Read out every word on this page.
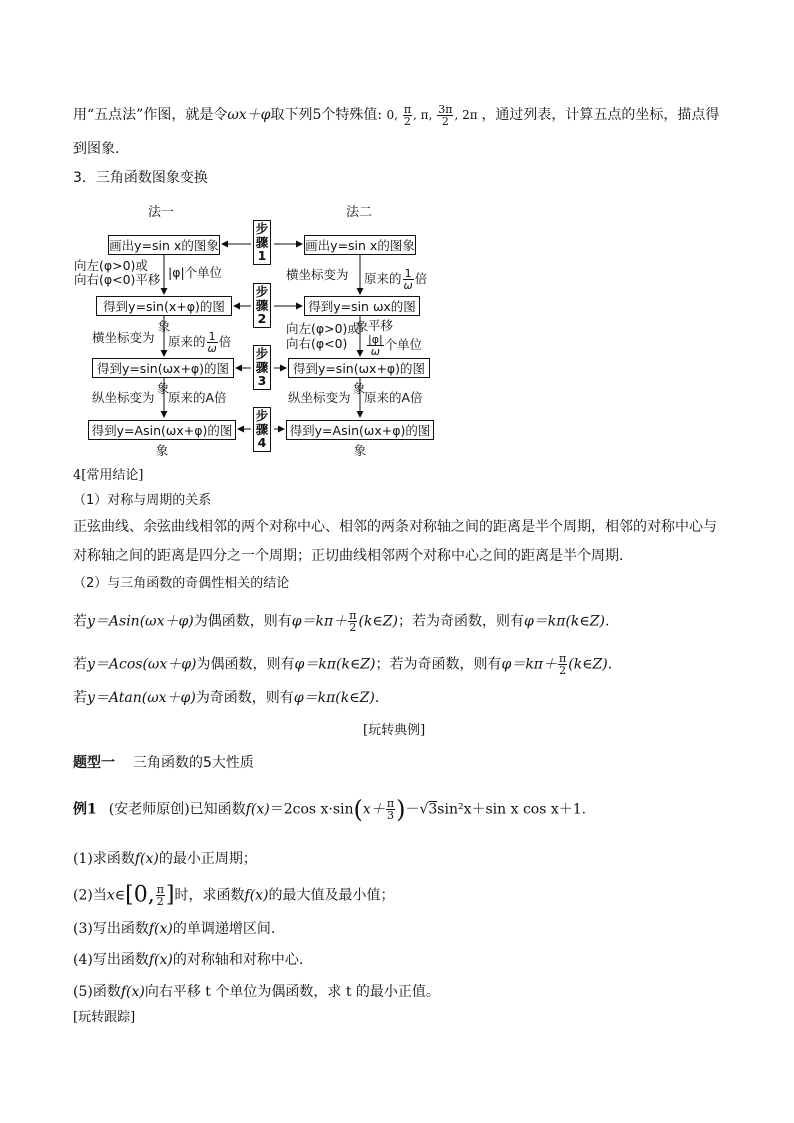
用“五点法”作图，就是令ωx＋φ取下列5个特殊值: 0, $\frac{\pi}{2}$ , π, $\frac{3\pi}{2}$ , 2π ，通过列表，计算五点的坐标，描点得
到图象.
3．三角函数图象变换
法一	法二
画出y=sin x的图象
得到y=sin(x+φ)的图象
得到y=sin(ωx+φ)的图象
得到y=Asin(ωx+φ)的图象
画出y=sin x的图象
得到y=sin ωx的图象
得到y=sin(ωx+φ)的图象
得到y=Asin(ωx+φ)的图象
步
骤
1
步
骤
2
步
骤
3
步
骤
4
向左(φ>0)或
向右(φ<0)平移 |φ|个单位
横坐标变为 原来的 $\frac{1}{\omega}$ 倍
纵坐标变为 原来的A倍
横坐标变为 原来的 $\frac{1}{\omega}$ 倍
向左(φ>0)或
向右(φ<0)
平移
$\frac{|\varphi|}{\omega}$ 个单位
纵坐标变为 原来的A倍
4[常用结论]
（1）对称与周期的关系
正弦曲线、余弦曲线相邻的两个对称中心、相邻的两条对称轴之间的距离是半个周期，相邻的对称中心与
对称轴之间的距离是四分之一个周期；正切曲线相邻两个对称中心之间的距离是半个周期.
（2）与三角函数的奇偶性相关的结论
若y＝Asin(ωx＋φ)为偶函数，则有$\varphi=k\pi+ \frac{\pi}{2}$ (k∈Z)；若为奇函数，则有φ＝kπ(k∈Z).
若y＝Acos(ωx＋φ)为偶函数，则有φ＝kπ(k∈Z)；若为奇函数，则有$\varphi=k\pi+ \frac{\pi}{2}$ (k∈Z).
若y＝Atan(ωx＋φ)为奇函数，则有φ＝kπ(k∈Z).
[玩转典例]
题型一 三角函数的5大性质
例1 (安老师原创)已知函数f(x)＝2cos $x\cdot\sin(x+ \frac{\pi}{3} )-√3\sin^2x+\sin$ x cos x＋1.
(1)求函数f(x)的最小正周期；
(2)当x∈[0, $\frac{\pi}{2}$ ]时，求函数f(x)的最大值及最小值；
(3)写出函数f(x)的单调递增区间.
(4)写出函数f(x)的对称轴和对称中心.
(5)函数f(x)向右平移 t 个单位为偶函数，求 t 的最小正值。
[玩转跟踪]
